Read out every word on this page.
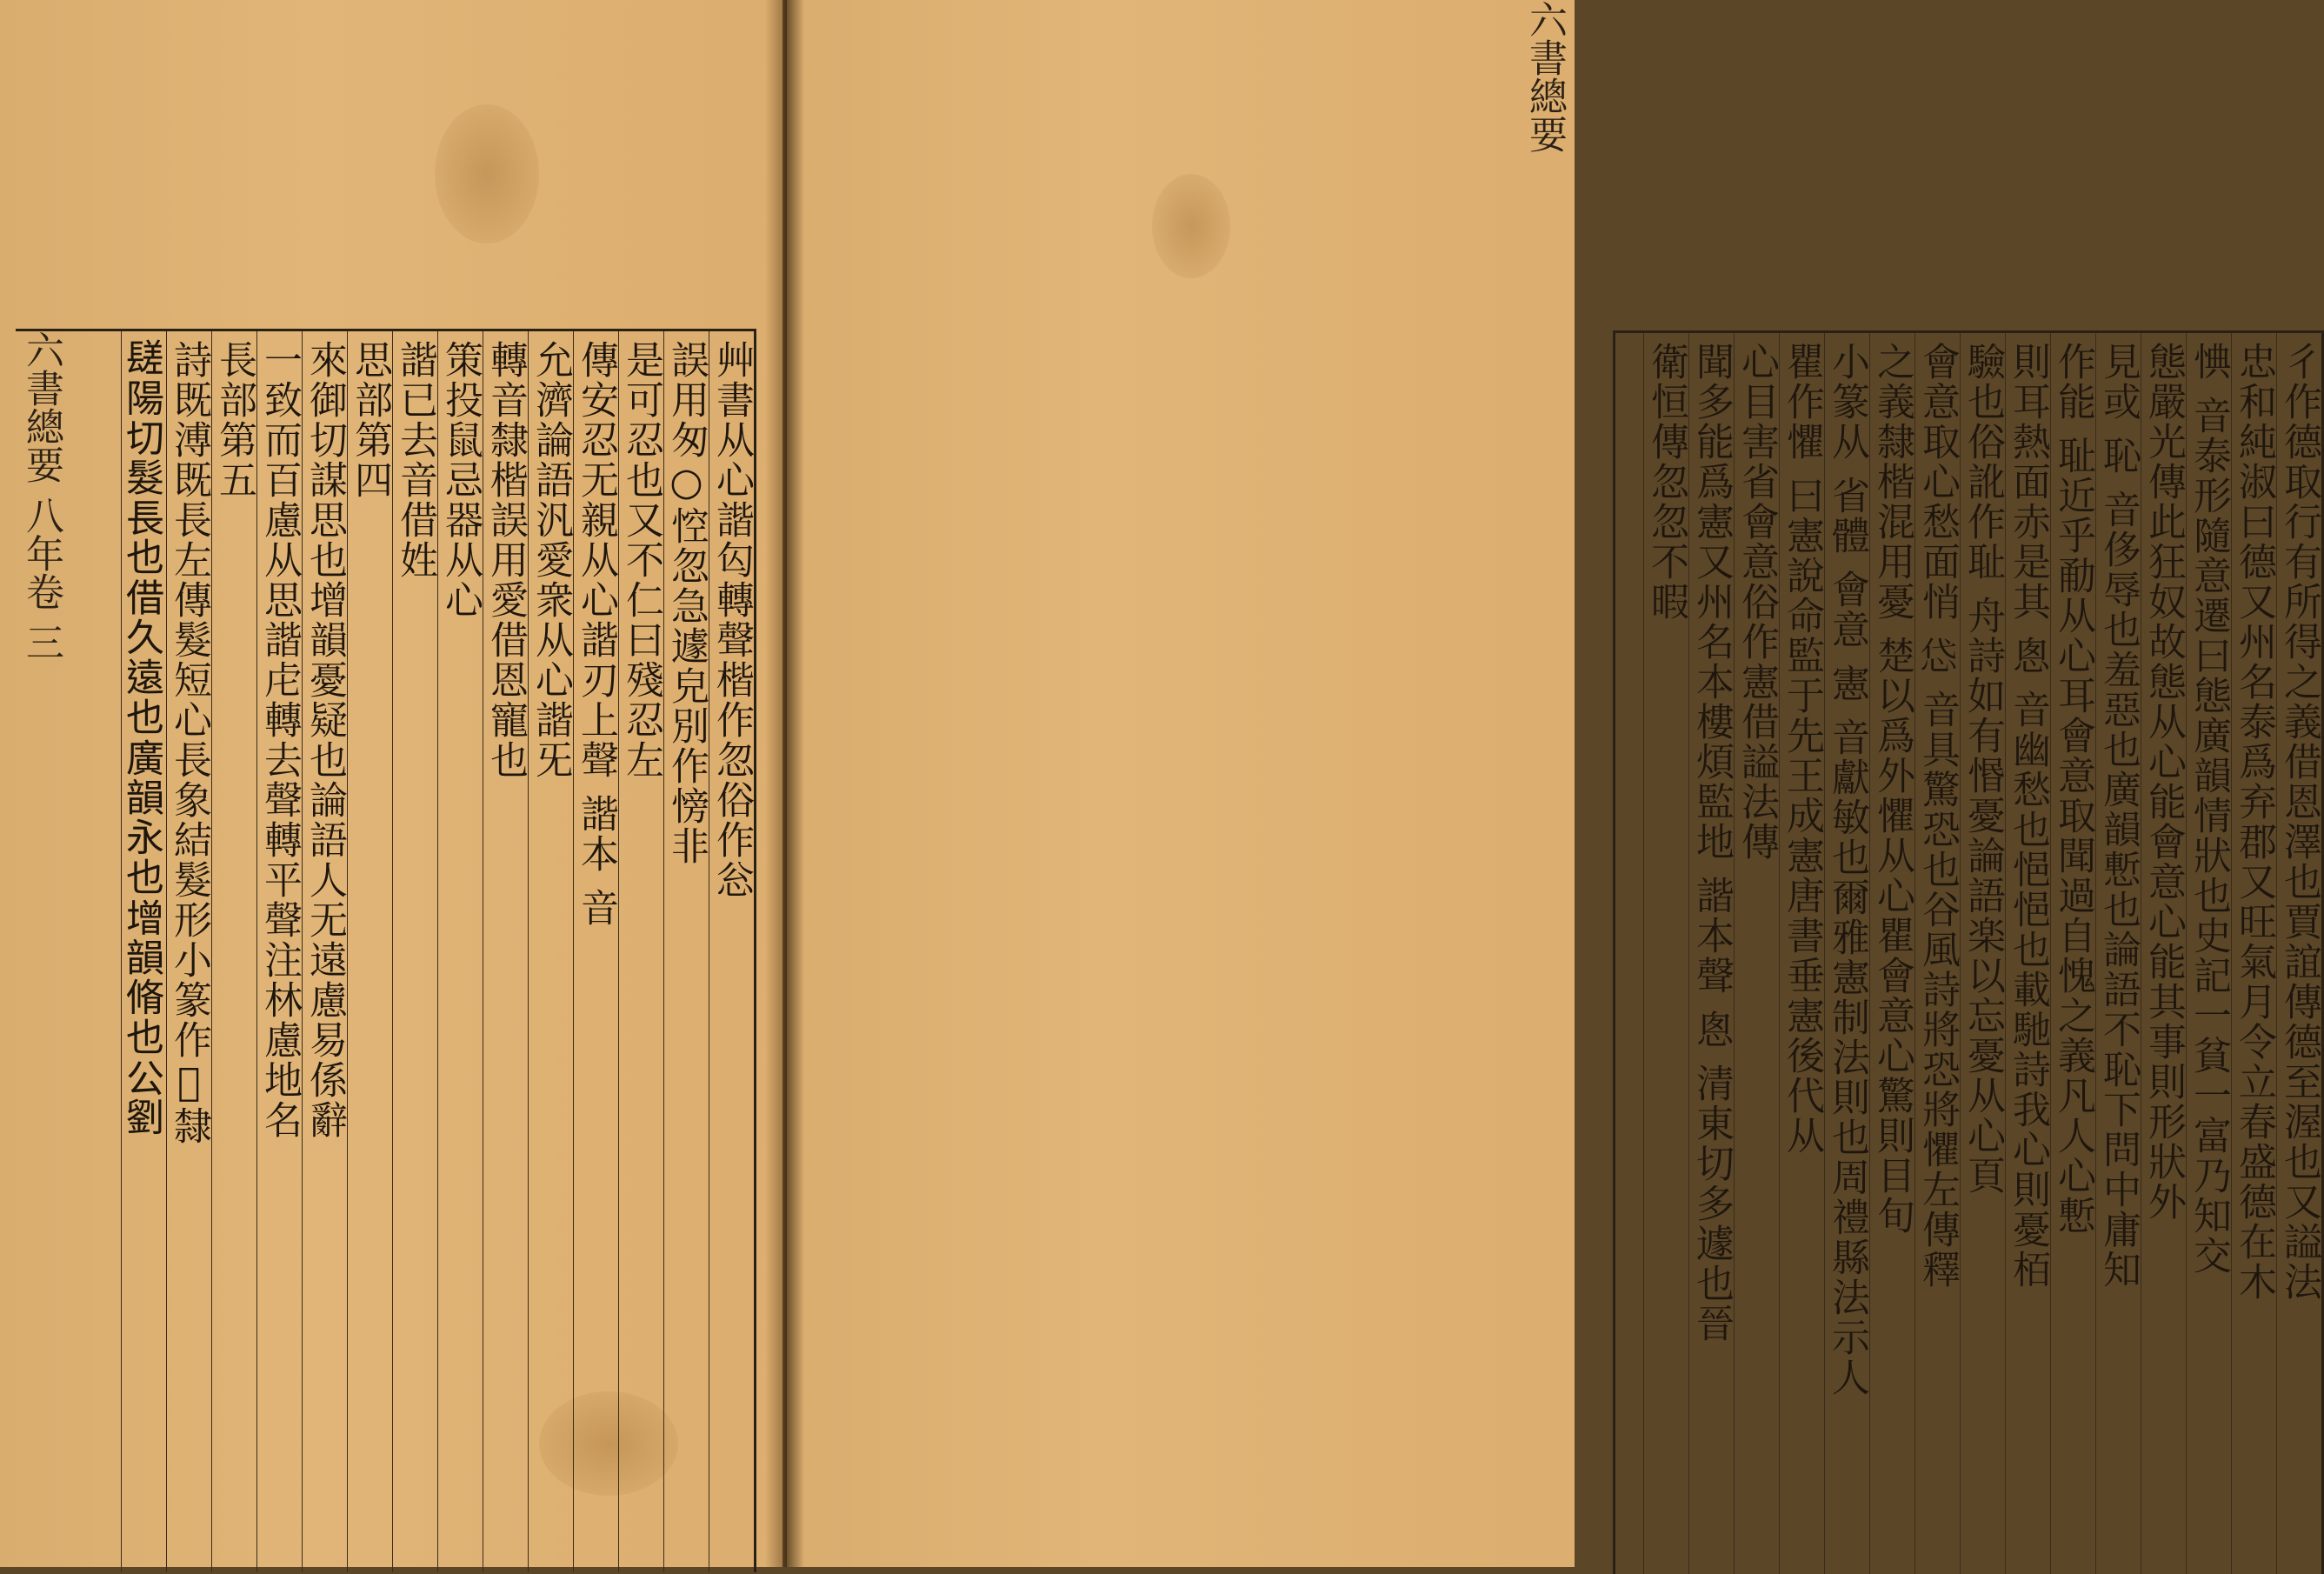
艸書从心諧匃轉聲楷作忽俗作忩
誤用匆○悾忽急遽皃別作㥬非
是可忍也又不仁曰殘忍左
傳安忍无親从心諧刃上聲 諧本 音
允濟論語汎愛衆从心諧旡
轉音隸楷誤用愛借恩寵也
策投鼠忌器从心
諧已去音借姓
思部第四
來御切謀思也增韻憂疑也論語人无遠慮易係辭
一致而百慮从思諧虍轉去聲轉平聲注林慮地名
長部第五
詩既溥既長左傳髮短心長象結髮形小篆作𨱗隸
𨲠陽切髮長也借久遠也廣韻永也增韻脩也公劉
六書總要 八年卷 三	彳作德取行有所得之義借恩澤也賈誼傳德至渥也又謚法
忠和純淑曰德又州名泰爲弃郡又旺氣月令立春盛德在木
㥏 音泰形隨意遷曰態廣韻情狀也史記一貧一富乃知交
態嚴光傳此狂奴故態从心能會意心能其事則形狀外
見或 恥 音侈辱也羞惡也廣韻慙也論語不恥下問中庸知
作能 耻近乎勈从心耳會意取聞過自愧之義凡人心慙
則耳熱面赤是其 悤 音幽愁也悒悒也載馳詩我心則憂栢
驗也俗訛作耻 舟詩如有惽憂論語楽以忘憂从心頁
會意取心愁面悄 𢘋 音具驚恐也谷風詩將恐將懼左傳釋
之義隸楷混用憂 楚以爲外懼从心瞿會意心驚則目旬
小篆从 省體 會意 憲 音獻敏也爾雅憲制法則也周禮縣法示人
瞿作懼 曰憲說命監于先王成憲唐書垂憲後代从
心目害省會意俗作憲借謚法傳
聞多能爲憲又州名本樓煩監地 諧本聲 悤 清東切多遽也晉
衛恒傳忽忽不暇
六書總要
